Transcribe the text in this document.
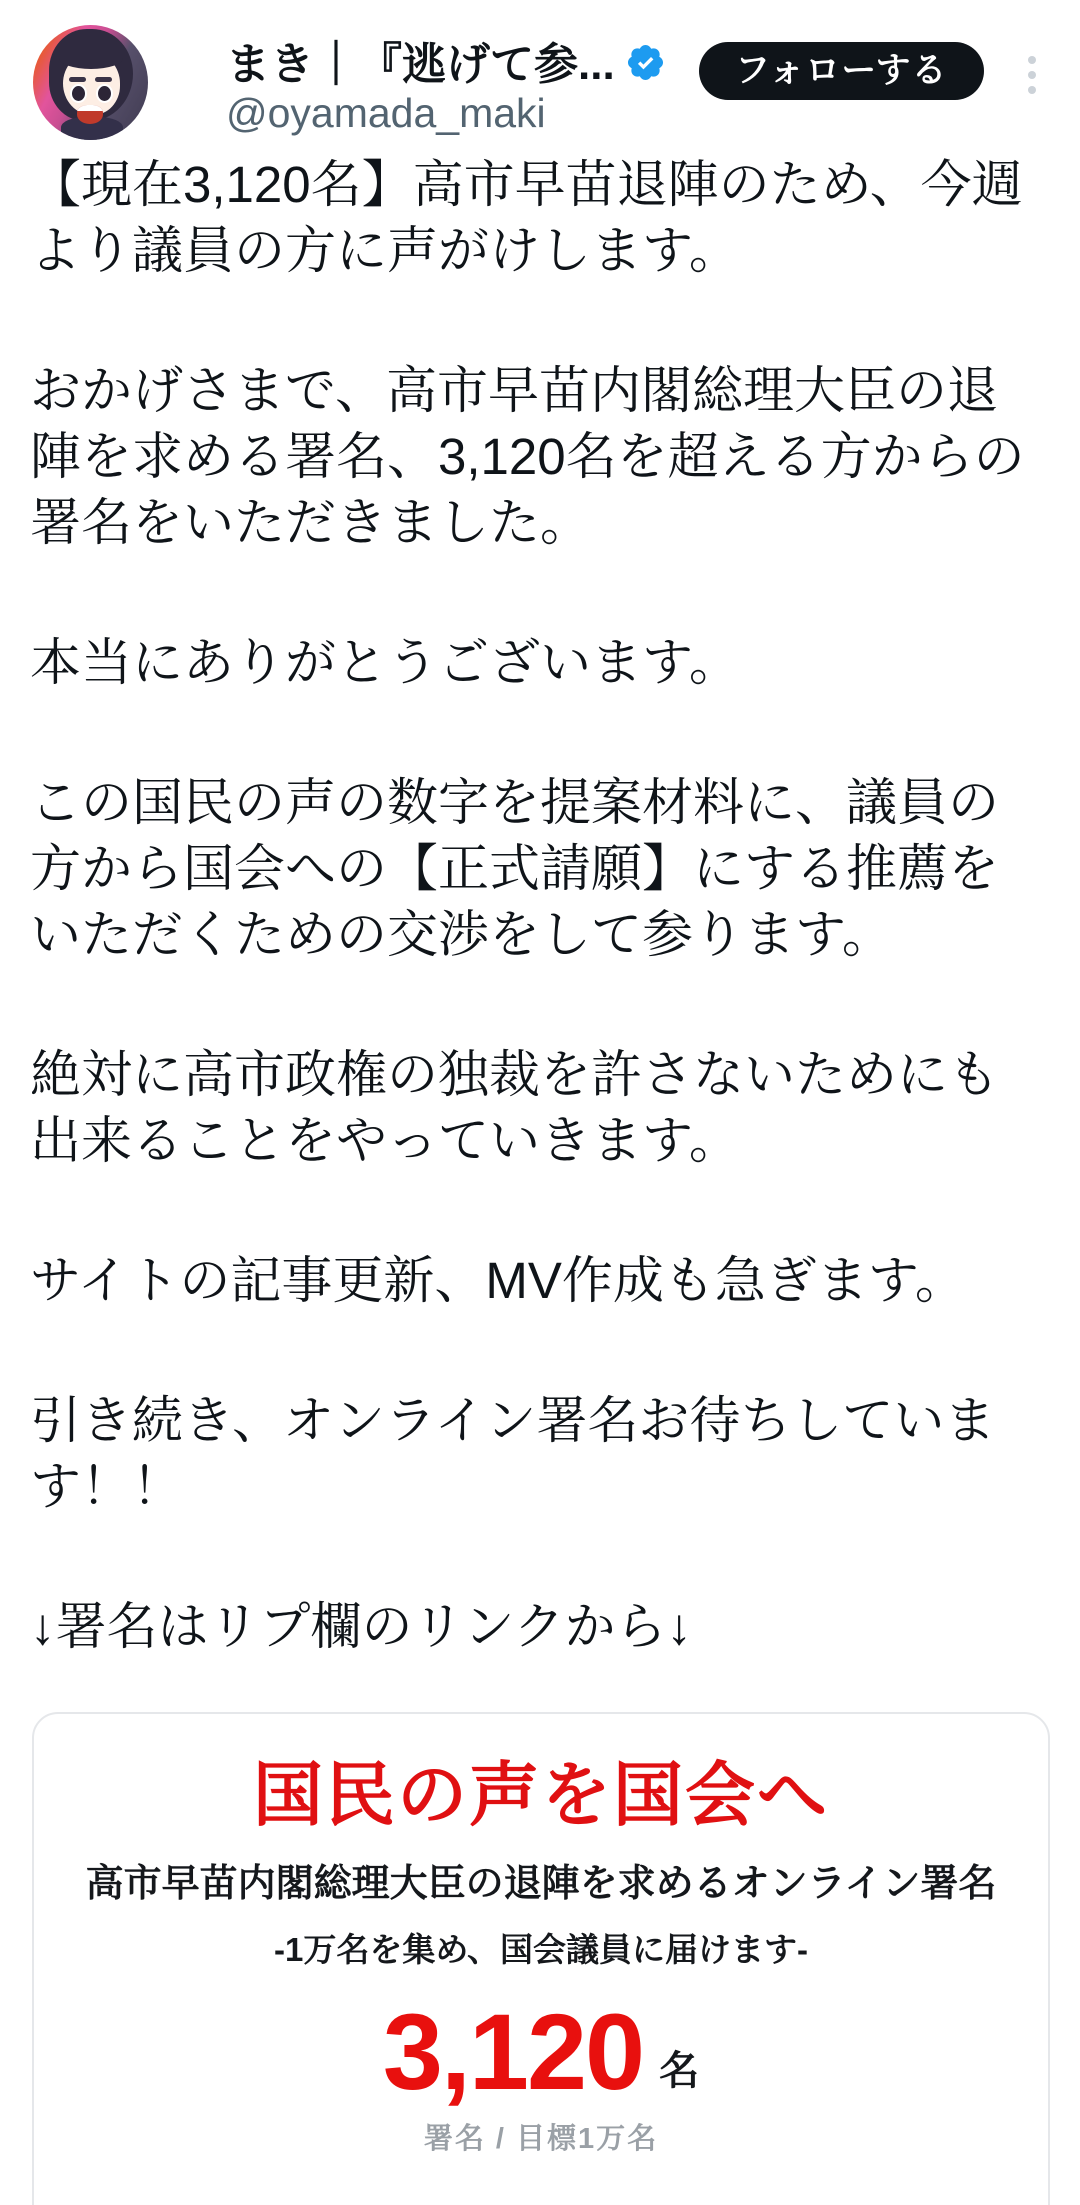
まき｜『逃げて参...
@oyamada_maki
フォローする

【現在3,120名】高市早苗退陣のため、今週より議員の方に声がけします。

おかげさまで、高市早苗内閣総理大臣の退陣を求める署名、3,120名を超える方からの署名をいただきました。

本当にありがとうございます。

この国民の声の数字を提案材料に、議員の方から国会への【正式請願】にする推薦をいただくための交渉をして参ります。

絶対に高市政権の独裁を許さないためにも出来ることをやっていきます。

サイトの記事更新、MV作成も急ぎます。

引き続き、オンライン署名お待ちしています！！

↓署名はリプ欄のリンクから↓

国民の声を国会へ

高市早苗内閣総理大臣の退陣を求めるオンライン署名

-1万名を集め、国会議員に届けます-

3,120 名

署名 / 目標1万名
